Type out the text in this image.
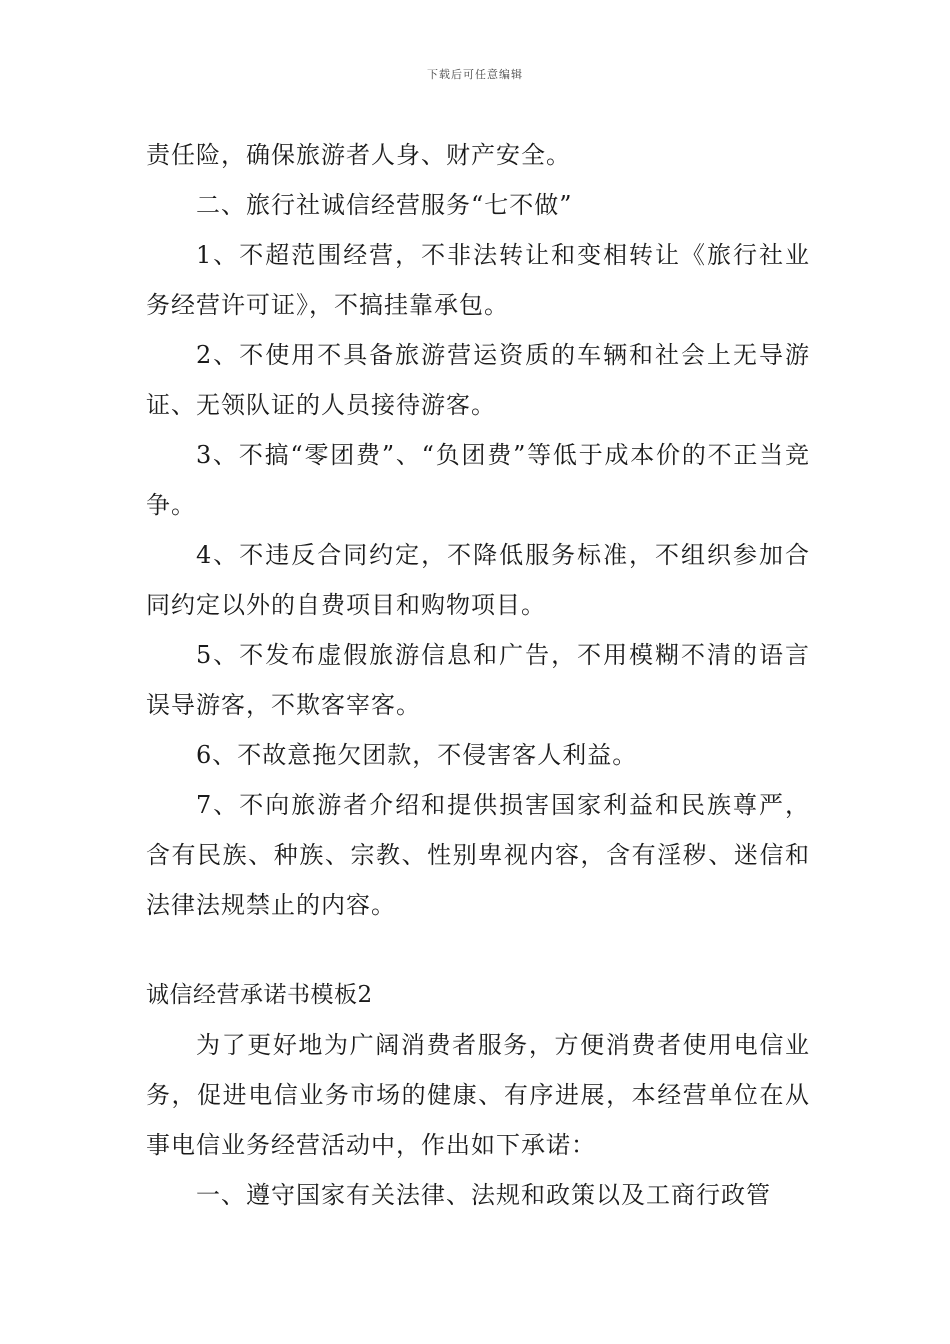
下载后可任意编辑

责任险，确保旅游者人身、财产安全。

二、旅行社诚信经营服务“七不做”

1、不超范围经营，不非法转让和变相转让《旅行社业务经营许可证》，不搞挂靠承包。

2、不使用不具备旅游营运资质的车辆和社会上无导游证、无领队证的人员接待游客。

3、不搞“零团费”、“负团费”等低于成本价的不正当竞争。

4、不违反合同约定，不降低服务标准，不组织参加合同约定以外的自费项目和购物项目。

5、不发布虚假旅游信息和广告，不用模糊不清的语言误导游客，不欺客宰客。

6、不故意拖欠团款，不侵害客人利益。

7、不向旅游者介绍和提供损害国家利益和民族尊严，含有民族、种族、宗教、性别卑视内容，含有淫秽、迷信和法律法规禁止的内容。

诚信经营承诺书模板2

为了更好地为广阔消费者服务，方便消费者使用电信业务，促进电信业务市场的健康、有序进展，本经营单位在从事电信业务经营活动中，作出如下承诺：

一、遵守国家有关法律、法规和政策以及工商行政管
